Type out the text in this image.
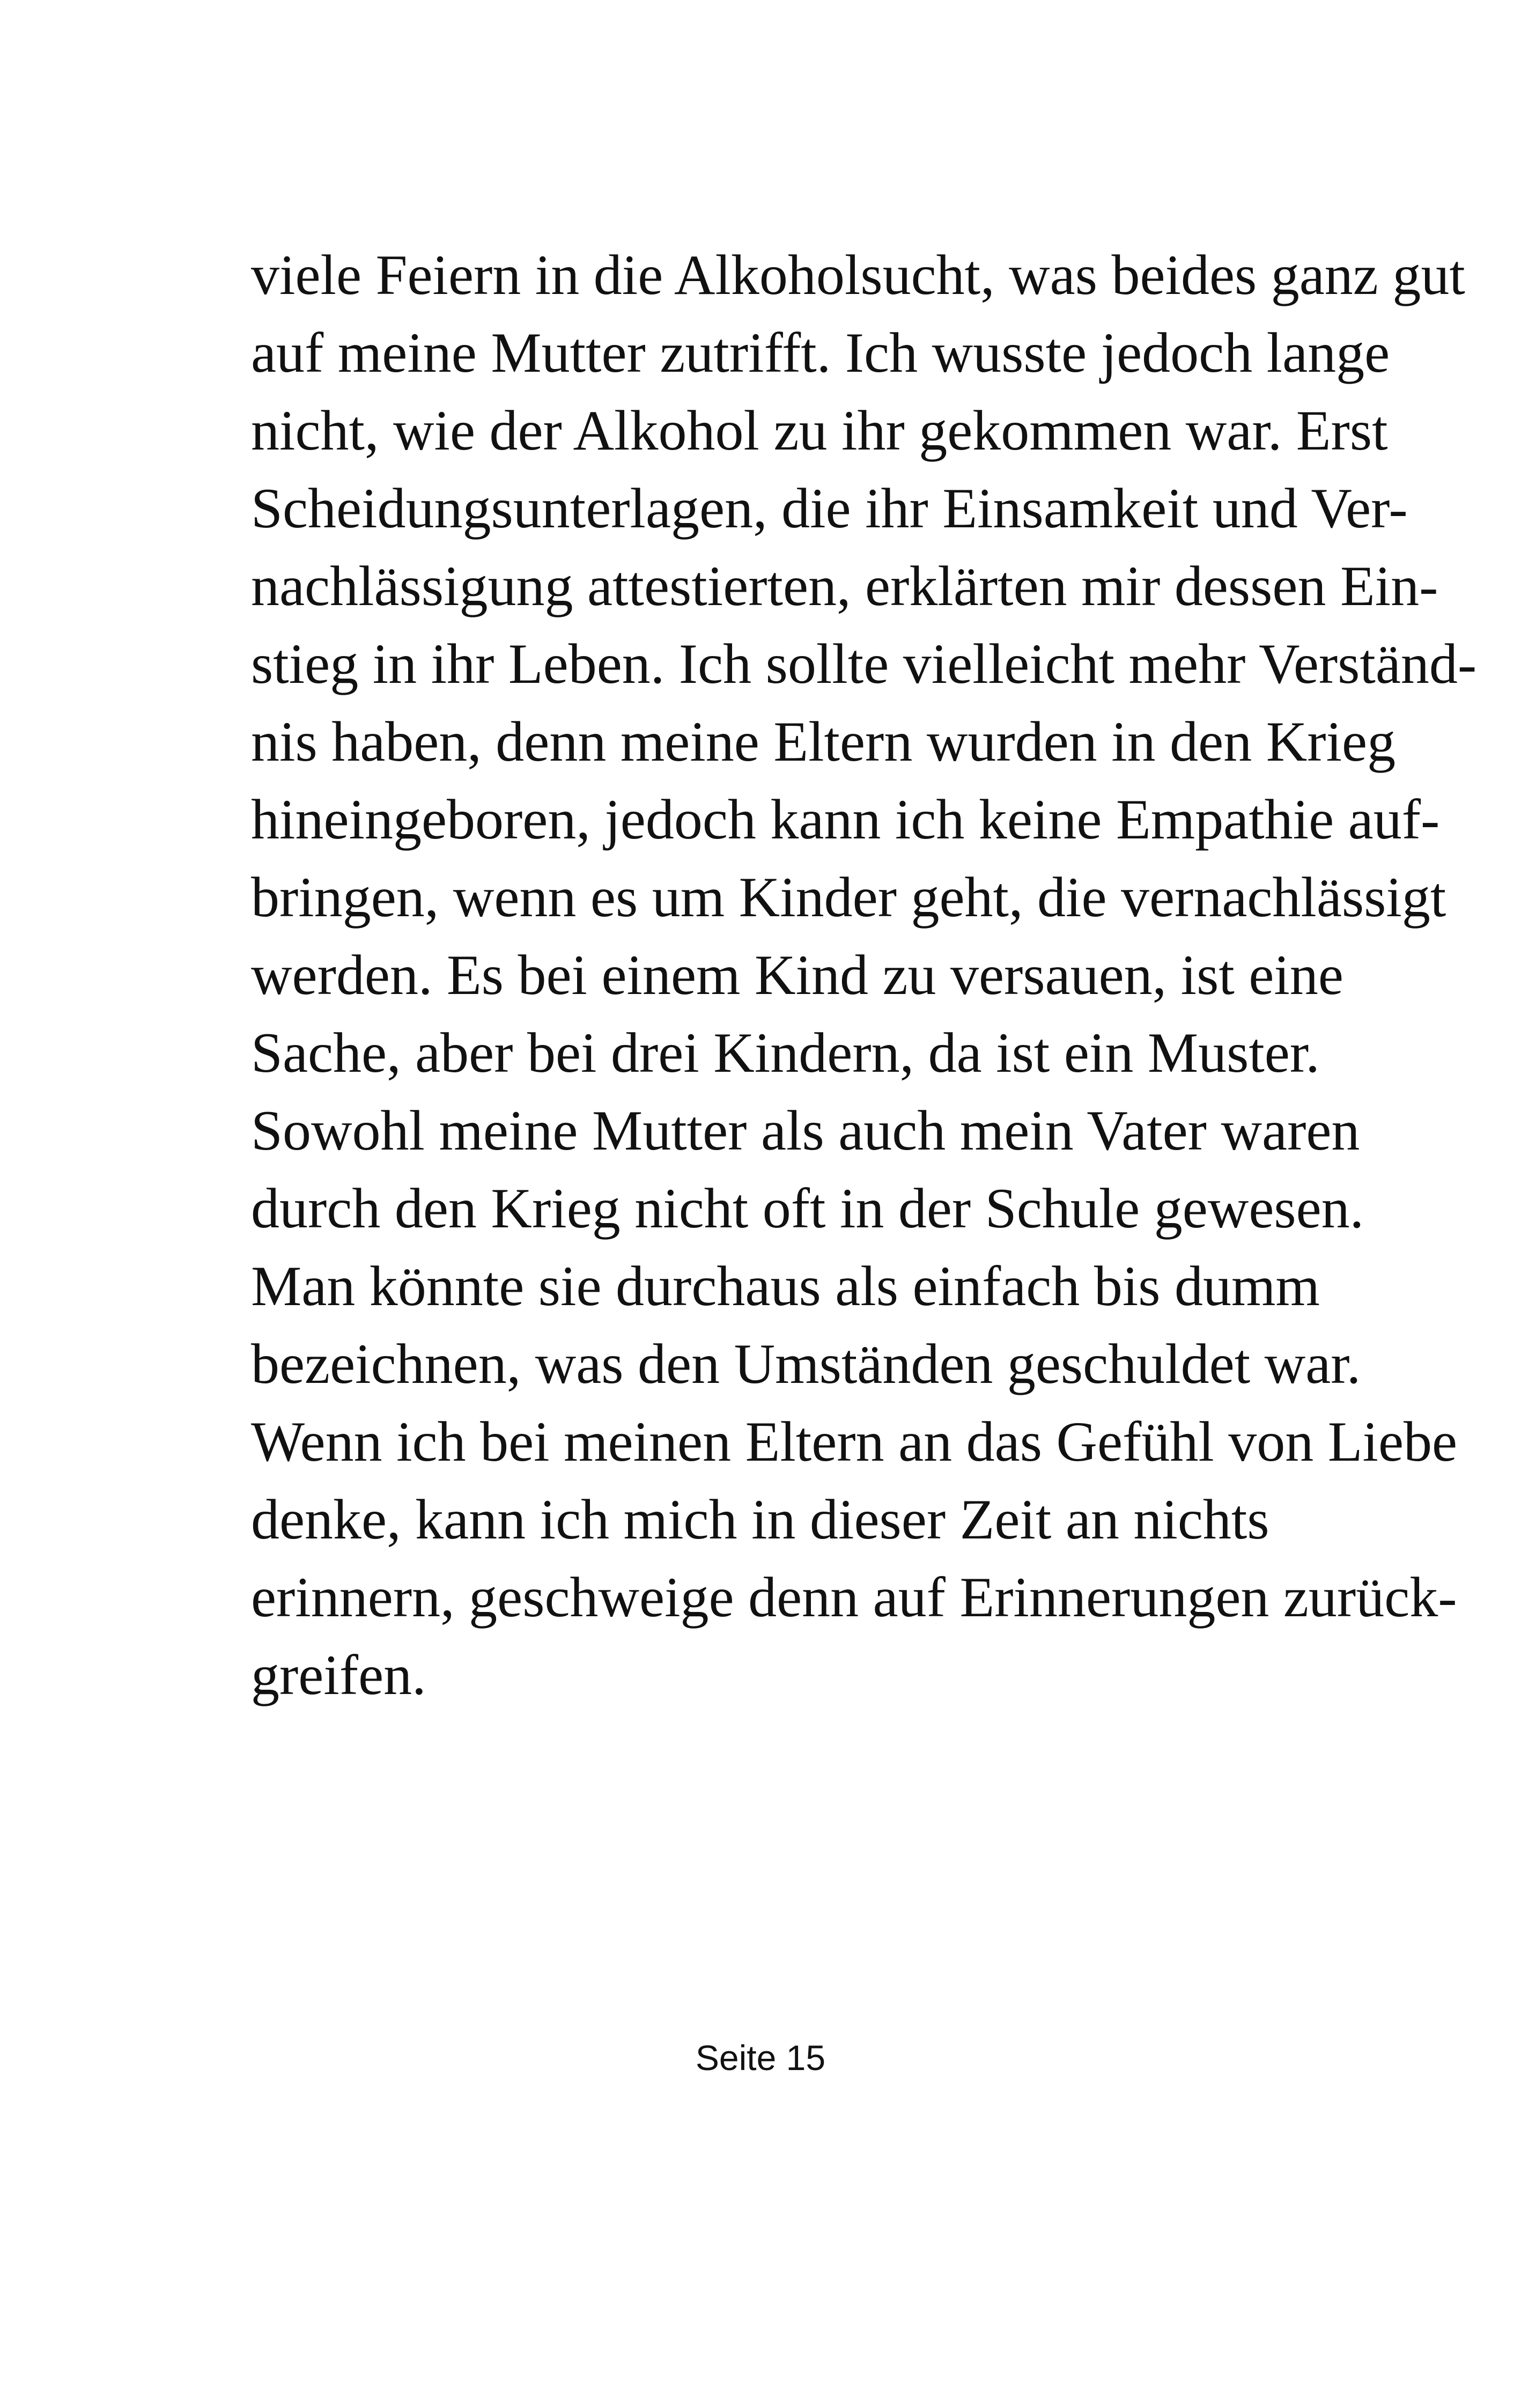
viele Feiern in die Alkoholsucht, was beides ganz gut
auf meine Mutter zutrifft. Ich wusste jedoch lange
nicht, wie der Alkohol zu ihr gekommen war. Erst
Scheidungsunterlagen, die ihr Einsamkeit und Ver-
nachlässigung attestierten, erklärten mir dessen Ein-
stieg in ihr Leben. Ich sollte vielleicht mehr Verständ-
nis haben, denn meine Eltern wurden in den Krieg
hineingeboren, jedoch kann ich keine Empathie auf-
bringen, wenn es um Kinder geht, die vernachlässigt
werden. Es bei einem Kind zu versauen, ist eine
Sache, aber bei drei Kindern, da ist ein Muster.
Sowohl meine Mutter als auch mein Vater waren
durch den Krieg nicht oft in der Schule gewesen.
Man könnte sie durchaus als einfach bis dumm
bezeichnen, was den Umständen geschuldet war.
Wenn ich bei meinen Eltern an das Gefühl von Liebe
denke, kann ich mich in dieser Zeit an nichts
erinnern, geschweige denn auf Erinnerungen zurück-
greifen.
Seite 15
